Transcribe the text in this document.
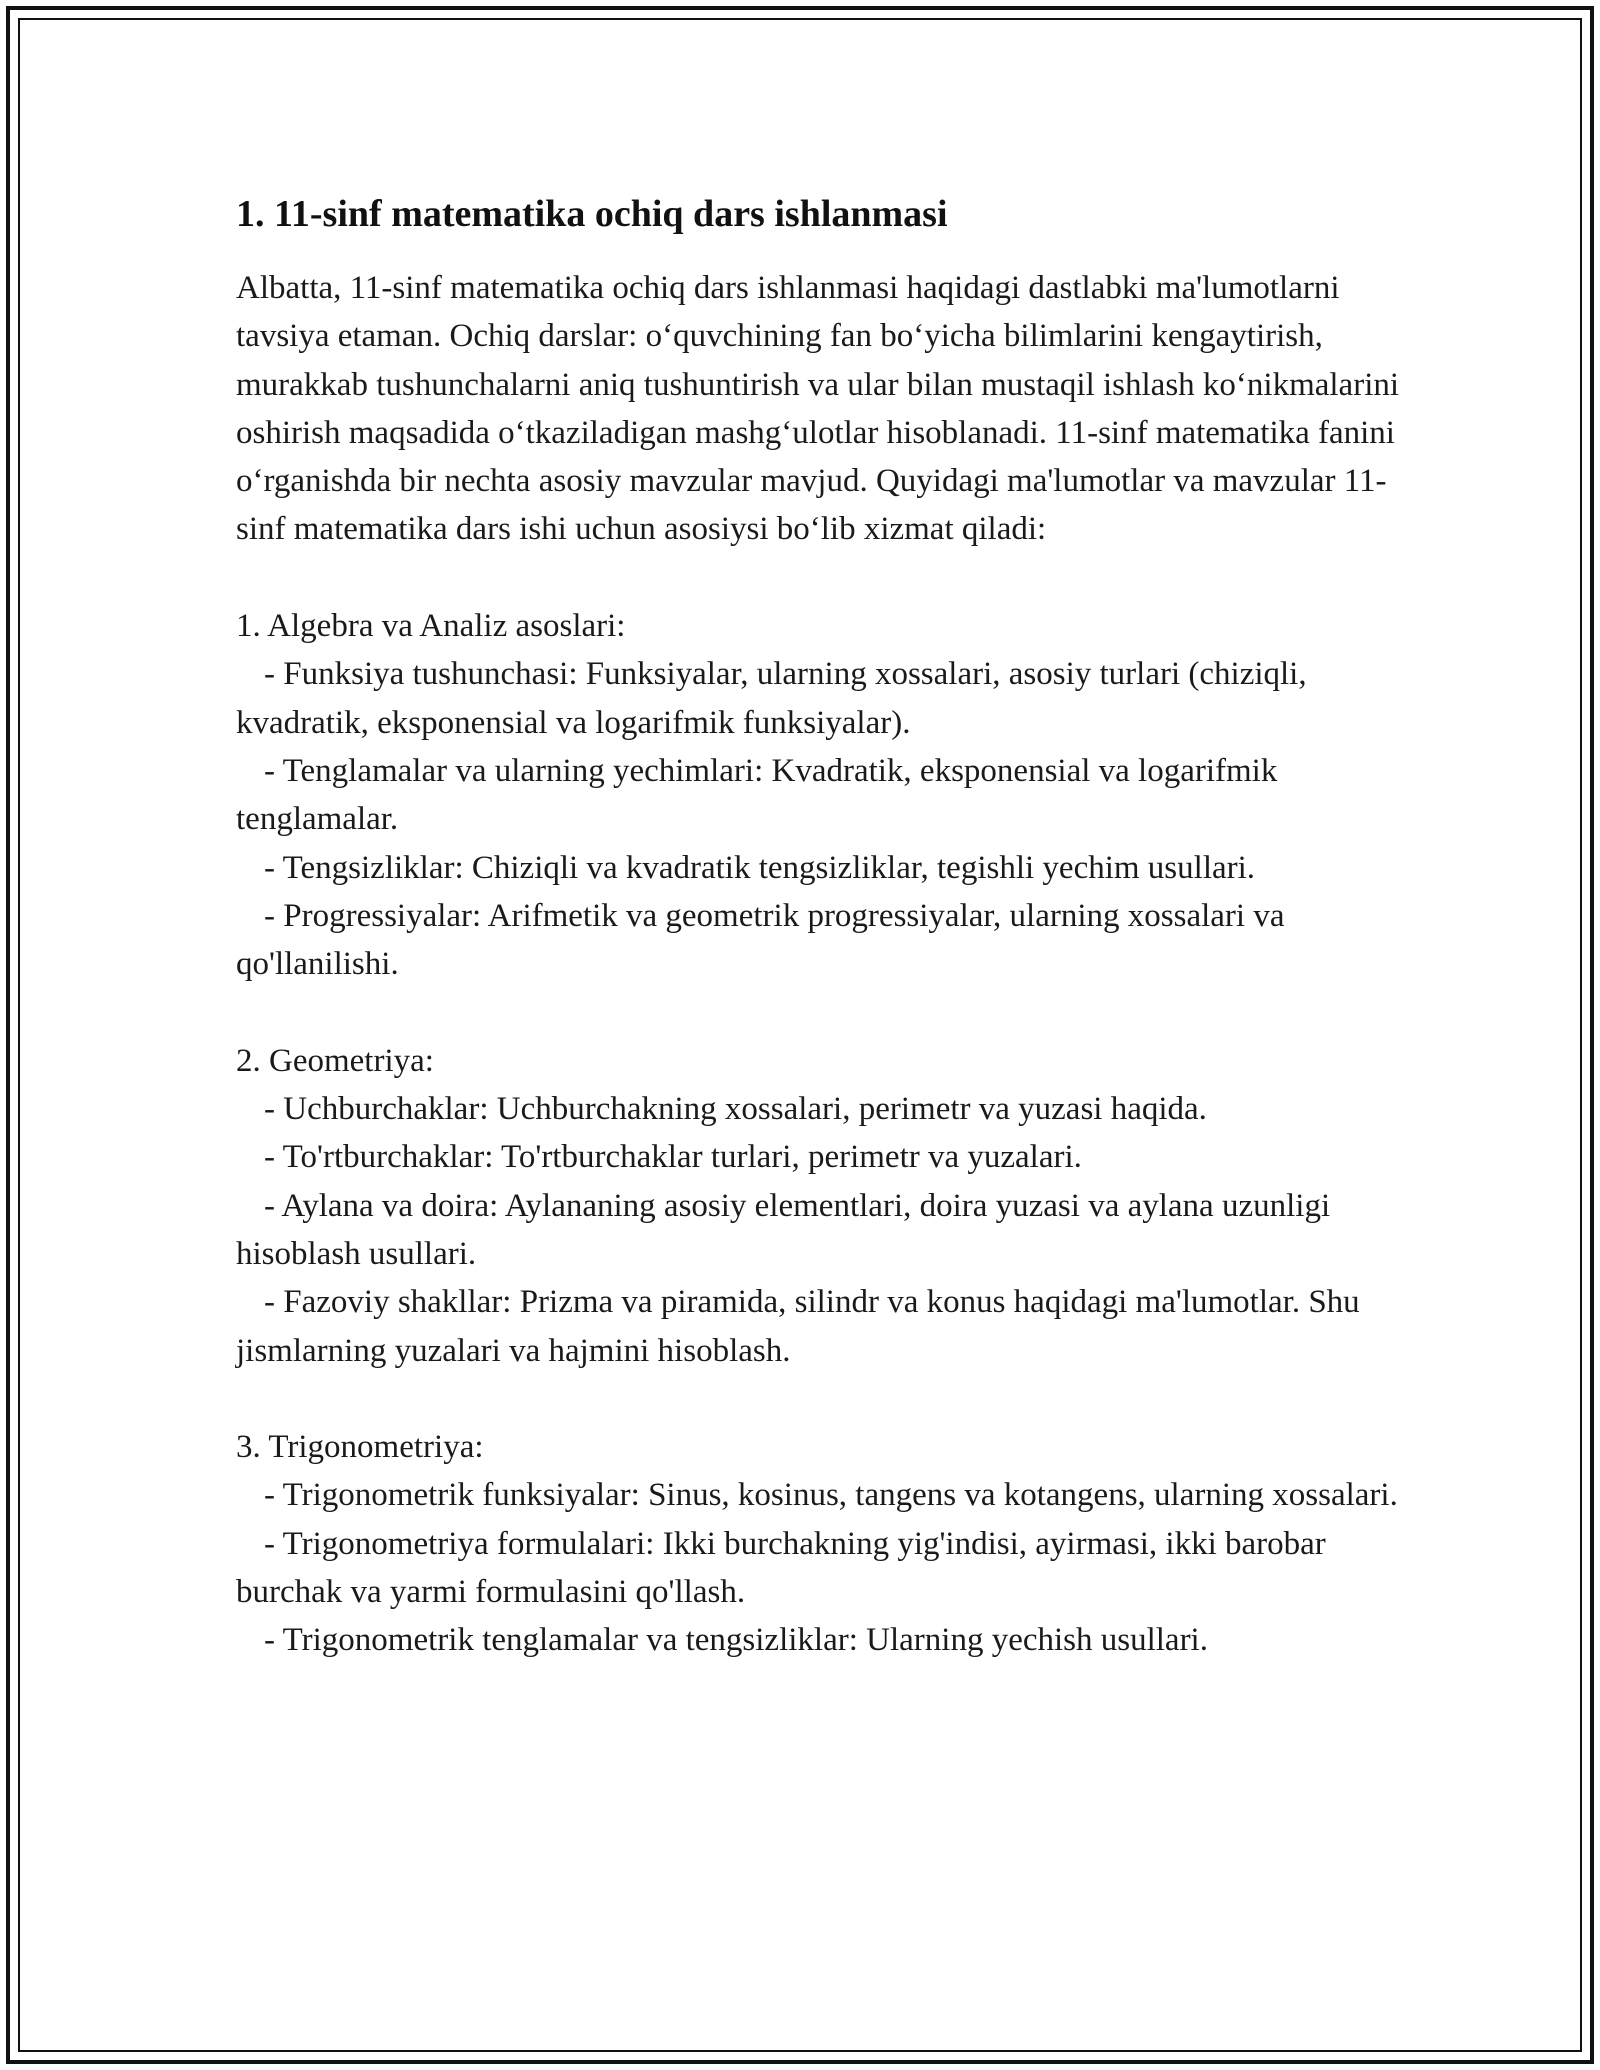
1. 11-sinf matematika ochiq dars ishlanmasi

Albatta, 11-sinf matematika ochiq dars ishlanmasi haqidagi dastlabki ma'lumotlarni tavsiya etaman. Ochiq darslar: oʻquvchining fan boʻyicha bilimlarini kengaytirish, murakkab tushunchalarni aniq tushuntirish va ular bilan mustaqil ishlash koʻnikmalarini oshirish maqsadida oʻtkaziladigan mashgʻulotlar hisoblanadi. 11-sinf matematika fanini oʻrganishda bir nechta asosiy mavzular mavjud. Quyidagi ma'lumotlar va mavzular 11-sinf matematika dars ishi uchun asosiysi boʻlib xizmat qiladi:

1. Algebra va Analiz asoslari:

- Funksiya tushunchasi: Funksiyalar, ularning xossalari, asosiy turlari (chiziqli, kvadratik, eksponensial va logarifmik funksiyalar).

- Tenglamalar va ularning yechimlari: Kvadratik, eksponensial va logarifmik tenglamalar.

- Tengsizliklar: Chiziqli va kvadratik tengsizliklar, tegishli yechim usullari.

- Progressiyalar: Arifmetik va geometrik progressiyalar, ularning xossalari va qo'llanilishi.

2. Geometriya:

- Uchburchaklar: Uchburchakning xossalari, perimetr va yuzasi haqida.

- To'rtburchaklar: To'rtburchaklar turlari, perimetr va yuzalari.

- Aylana va doira: Aylananing asosiy elementlari, doira yuzasi va aylana uzunligi hisoblash usullari.

- Fazoviy shakllar: Prizma va piramida, silindr va konus haqidagi ma'lumotlar. Shu jismlarning yuzalari va hajmini hisoblash.

3. Trigonometriya:

- Trigonometrik funksiyalar: Sinus, kosinus, tangens va kotangens, ularning xossalari.

- Trigonometriya formulalari: Ikki burchakning yig'indisi, ayirmasi, ikki barobar burchak va yarmi formulasini qo'llash.

- Trigonometrik tenglamalar va tengsizliklar: Ularning yechish usullari.
